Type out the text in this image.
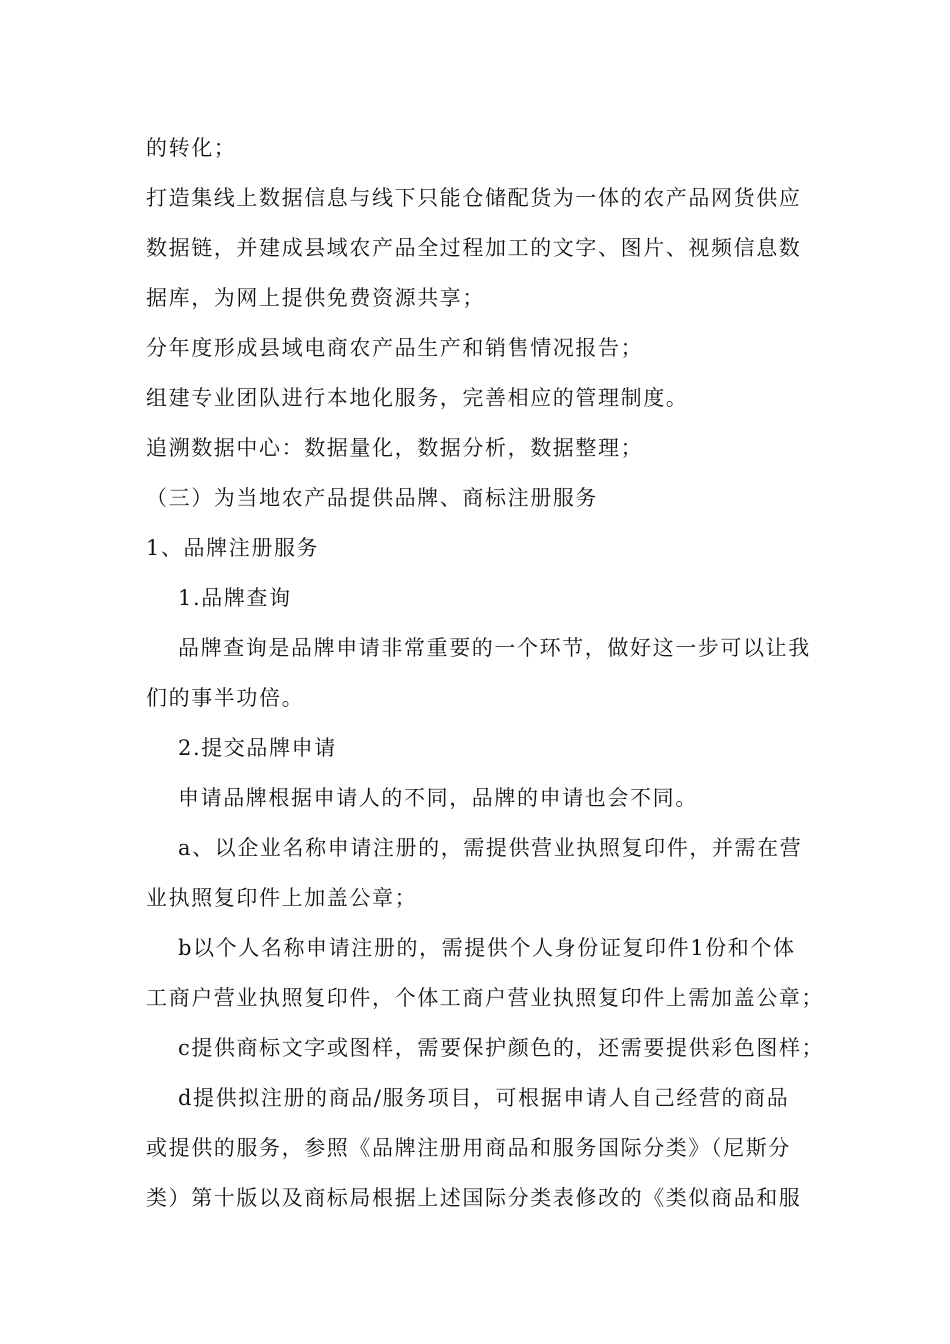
的转化；
打造集线上数据信息与线下只能仓储配货为一体的农产品网货供应
数据链，并建成县域农产品全过程加工的文字、图片、视频信息数
据库，为网上提供免费资源共享；
分年度形成县域电商农产品生产和销售情况报告；
组建专业团队进行本地化服务，完善相应的管理制度。
追溯数据中心：数据量化，数据分析，数据整理；
（三）为当地农产品提供品牌、商标注册服务
1、品牌注册服务
1.品牌查询
品牌查询是品牌申请非常重要的一个环节，做好这一步可以让我
们的事半功倍。
2.提交品牌申请
申请品牌根据申请人的不同，品牌的申请也会不同。
a、以企业名称申请注册的，需提供营业执照复印件，并需在营
业执照复印件上加盖公章；
b以个人名称申请注册的，需提供个人身份证复印件1份和个体
工商户营业执照复印件，个体工商户营业执照复印件上需加盖公章；
c提供商标文字或图样，需要保护颜色的，还需要提供彩色图样；
d提供拟注册的商品/服务项目，可根据申请人自己经营的商品
或提供的服务，参照《品牌注册用商品和服务国际分类》（尼斯分
类）第十版以及商标局根据上述国际分类表修改的《类似商品和服
